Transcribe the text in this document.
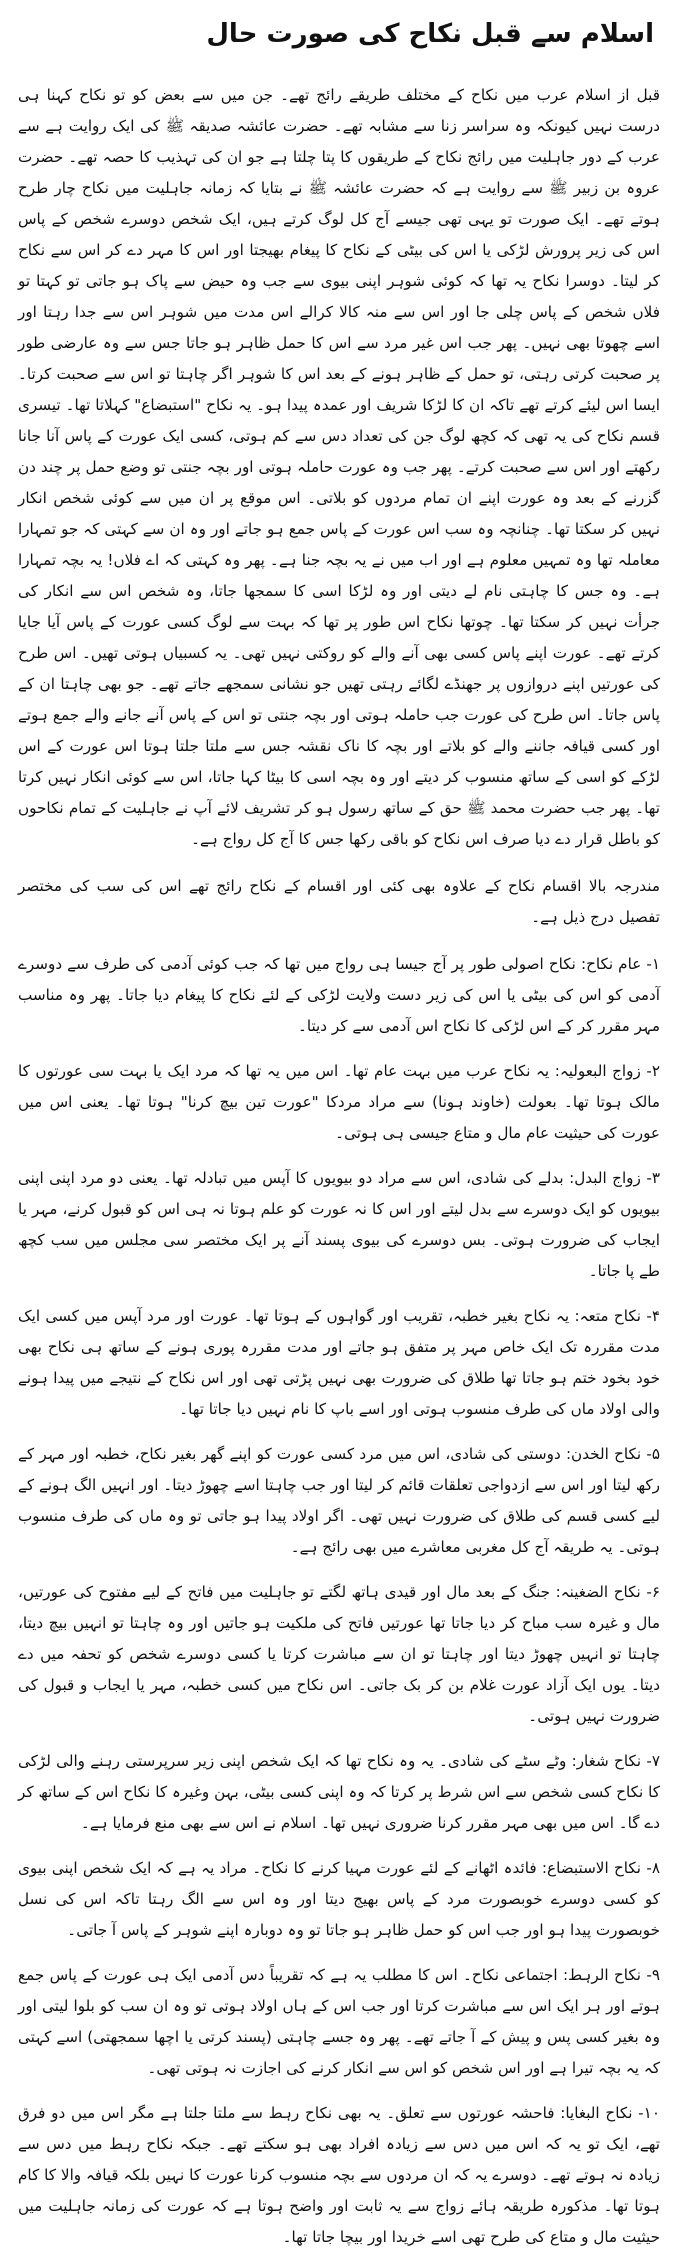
اسلام سے قبل نکاح کی صورت حال

قبل از اسلام عرب میں نکاح کے مختلف طریقے رائج تھے۔ جن میں سے بعض کو تو نکاح کہنا ہی درست نہیں کیونکہ وہ سراسر زنا سے مشابہ تھے۔ حضرت عائشہ صدیقہ ﷺ کی ایک روایت ہے سے عرب کے دور جاہلیت میں رائج نکاح کے طریقوں کا پتا چلتا ہے جو ان کی تہذیب کا حصہ تھے۔ حضرت عروہ بن زبیر ﷺ سے روایت ہے کہ حضرت عائشہ ﷺ نے بتایا کہ زمانہ جاہلیت میں نکاح چار طرح ہوتے تھے۔ ایک صورت تو یہی تھی جیسے آج کل لوگ کرتے ہیں، ایک شخص دوسرے شخص کے پاس اس کی زیر پرورش لڑکی یا اس کی بیٹی کے نکاح کا پیغام بھیجتا اور اس کا مہر دے کر اس سے نکاح کر لیتا۔ دوسرا نکاح یہ تھا کہ کوئی شوہر اپنی بیوی سے جب وہ حیض سے پاک ہو جاتی تو کہتا تو فلاں شخص کے پاس چلی جا اور اس سے منہ کالا کرالے اس مدت میں شوہر اس سے جدا رہتا اور اسے چھوتا بھی نہیں۔ پھر جب اس غیر مرد سے اس کا حمل ظاہر ہو جاتا جس سے وہ عارضی طور پر صحبت کرتی رہتی، تو حمل کے ظاہر ہونے کے بعد اس کا شوہر اگر چاہتا تو اس سے صحبت کرتا۔ ایسا اس لیئے کرتے تھے تاکہ ان کا لڑکا شریف اور عمدہ پیدا ہو۔ یہ نکاح "استبضاع" کہلاتا تھا۔ تیسری قسم نکاح کی یہ تھی کہ کچھ لوگ جن کی تعداد دس سے کم ہوتی، کسی ایک عورت کے پاس آنا جانا رکھتے اور اس سے صحبت کرتے۔ پھر جب وہ عورت حاملہ ہوتی اور بچہ جنتی تو وضع حمل پر چند دن گزرنے کے بعد وہ عورت اپنے ان تمام مردوں کو بلاتی۔ اس موقع پر ان میں سے کوئی شخص انکار نہیں کر سکتا تھا۔ چنانچہ وہ سب اس عورت کے پاس جمع ہو جاتے اور وہ ان سے کہتی کہ جو تمہارا معاملہ تھا وہ تمہیں معلوم ہے اور اب میں نے یہ بچہ جنا ہے۔ پھر وہ کہتی کہ اے فلاں! یہ بچہ تمہارا ہے۔ وہ جس کا چاہتی نام لے دیتی اور وہ لڑکا اسی کا سمجھا جاتا، وہ شخص اس سے انکار کی جرأت نہیں کر سکتا تھا۔ چوتھا نکاح اس طور پر تھا کہ بہت سے لوگ کسی عورت کے پاس آیا جایا کرتے تھے۔ عورت اپنے پاس کسی بھی آنے والے کو روکتی نہیں تھی۔ یہ کسبیاں ہوتی تھیں۔ اس طرح کی عورتیں اپنے دروازوں پر جھنڈے لگائے رہتی تھیں جو نشانی سمجھے جاتے تھے۔ جو بھی چاہتا ان کے پاس جاتا۔ اس طرح کی عورت جب حاملہ ہوتی اور بچہ جنتی تو اس کے پاس آنے جانے والے جمع ہوتے اور کسی قیافہ جاننے والے کو بلاتے اور بچہ کا ناک نقشہ جس سے ملتا جلتا ہوتا اس عورت کے اس لڑکے کو اسی کے ساتھ منسوب کر دیتے اور وہ بچہ اسی کا بیٹا کہا جاتا، اس سے کوئی انکار نہیں کرتا تھا۔ پھر جب حضرت محمد ﷺ حق کے ساتھ رسول ہو کر تشریف لائے آپ نے جاہلیت کے تمام نکاحوں کو باطل قرار دے دیا صرف اس نکاح کو باقی رکھا جس کا آج کل رواج ہے۔

مندرجہ بالا اقسام نکاح کے علاوہ بھی کئی اور اقسام کے نکاح رائج تھے اس کی سب کی مختصر تفصیل درج ذیل ہے۔

۱- عام نکاح: نکاح اصولی طور پر آج جیسا ہی رواج میں تھا کہ جب کوئی آدمی کی طرف سے دوسرے آدمی کو اس کی بیٹی یا اس کی زیر دست ولایت لڑکی کے لئے نکاح کا پیغام دیا جاتا۔ پھر وہ مناسب مہر مقرر کر کے اس لڑکی کا نکاح اس آدمی سے کر دیتا۔

۲- زواج البعولیہ: یہ نکاح عرب میں بہت عام تھا۔ اس میں یہ تھا کہ مرد ایک یا بہت سی عورتوں کا مالک ہوتا تھا۔ بعولت (خاوند ہونا) سے مراد مردکا "عورت تین بیچ کرنا" ہوتا تھا۔ یعنی اس میں عورت کی حیثیت عام مال و متاع جیسی ہی ہوتی۔

۳- زواج البدل: بدلے کی شادی، اس سے مراد دو بیویوں کا آپس میں تبادلہ تھا۔ یعنی دو مرد اپنی اپنی بیویوں کو ایک دوسرے سے بدل لیتے اور اس کا نہ عورت کو علم ہوتا نہ ہی اس کو قبول کرنے، مہر یا ایجاب کی ضرورت ہوتی۔ بس دوسرے کی بیوی پسند آنے پر ایک مختصر سی مجلس میں سب کچھ طے پا جاتا۔

۴- نکاح متعہ: یہ نکاح بغیر خطبہ، تقریب اور گواہوں کے ہوتا تھا۔ عورت اور مرد آپس میں کسی ایک مدت مقررہ تک ایک خاص مہر پر متفق ہو جاتے اور مدت مقررہ پوری ہونے کے ساتھ ہی نکاح بھی خود بخود ختم ہو جاتا تھا طلاق کی ضرورت بھی نہیں پڑتی تھی اور اس نکاح کے نتیجے میں پیدا ہونے والی اولاد ماں کی طرف منسوب ہوتی اور اسے باپ کا نام نہیں دیا جاتا تھا۔

۵- نکاح الخدن: دوستی کی شادی، اس میں مرد کسی عورت کو اپنے گھر بغیر نکاح، خطبہ اور مہر کے رکھ لیتا اور اس سے ازدواجی تعلقات قائم کر لیتا اور جب چاہتا اسے چھوڑ دیتا۔ اور انہیں الگ ہونے کے لیے کسی قسم کی طلاق کی ضرورت نہیں تھی۔ اگر اولاد پیدا ہو جاتی تو وہ ماں کی طرف منسوب ہوتی۔ یہ طریقہ آج کل مغربی معاشرے میں بھی رائج ہے۔

۶- نکاح الضغینہ: جنگ کے بعد مال اور قیدی ہاتھ لگتے تو جاہلیت میں فاتح کے لیے مفتوح کی عورتیں، مال و غیرہ سب مباح کر دیا جاتا تھا عورتیں فاتح کی ملکیت ہو جاتیں اور وہ چاہتا تو انہیں بیچ دیتا، چاہتا تو انہیں چھوڑ دیتا اور چاہتا تو ان سے مباشرت کرتا یا کسی دوسرے شخص کو تحفہ میں دے دیتا۔ یوں ایک آزاد عورت غلام بن کر بک جاتی۔ اس نکاح میں کسی خطبہ، مہر یا ایجاب و قبول کی ضرورت نہیں ہوتی۔

۷- نکاح شغار: وٹے سٹے کی شادی۔ یہ وہ نکاح تھا کہ ایک شخص اپنی زیر سرپرستی رہنے والی لڑکی کا نکاح کسی شخص سے اس شرط پر کرتا کہ وہ اپنی کسی بیٹی، بہن وغیرہ کا نکاح اس کے ساتھ کر دے گا۔ اس میں بھی مہر مقرر کرنا ضروری نہیں تھا۔ اسلام نے اس سے بھی منع فرمایا ہے۔

۸- نکاح الاستبضاع: فائدہ اٹھانے کے لئے عورت مہیا کرنے کا نکاح۔ مراد یہ ہے کہ ایک شخص اپنی بیوی کو کسی دوسرے خوبصورت مرد کے پاس بھیج دیتا اور وہ اس سے الگ رہتا تاکہ اس کی نسل خوبصورت پیدا ہو اور جب اس کو حمل ظاہر ہو جاتا تو وہ دوبارہ اپنے شوہر کے پاس آ جاتی۔

۹- نکاح الرہط: اجتماعی نکاح۔ اس کا مطلب یہ ہے کہ تقریباً دس آدمی ایک ہی عورت کے پاس جمع ہوتے اور ہر ایک اس سے مباشرت کرتا اور جب اس کے ہاں اولاد ہوتی تو وہ ان سب کو بلوا لیتی اور وہ بغیر کسی پس و پیش کے آ جاتے تھے۔ پھر وہ جسے چاہتی (پسند کرتی یا اچھا سمجھتی) اسے کہتی کہ یہ بچہ تیرا ہے اور اس شخص کو اس سے انکار کرنے کی اجازت نہ ہوتی تھی۔

۱۰- نکاح البغایا: فاحشہ عورتوں سے تعلق۔ یہ بھی نکاح رہط سے ملتا جلتا ہے مگر اس میں دو فرق تھے، ایک تو یہ کہ اس میں دس سے زیادہ افراد بھی ہو سکتے تھے۔ جبکہ نکاح رہط میں دس سے زیادہ نہ ہوتے تھے۔ دوسرے یہ کہ ان مردوں سے بچہ منسوب کرنا عورت کا نہیں بلکہ قیافہ والا کا کام ہوتا تھا۔ مذکورہ طریقہ ہائے زواج سے یہ ثابت اور واضح ہوتا ہے کہ عورت کی زمانہ جاہلیت میں حیثیت مال و متاع کی طرح تھی اسے خریدا اور بیچا جاتا تھا۔
